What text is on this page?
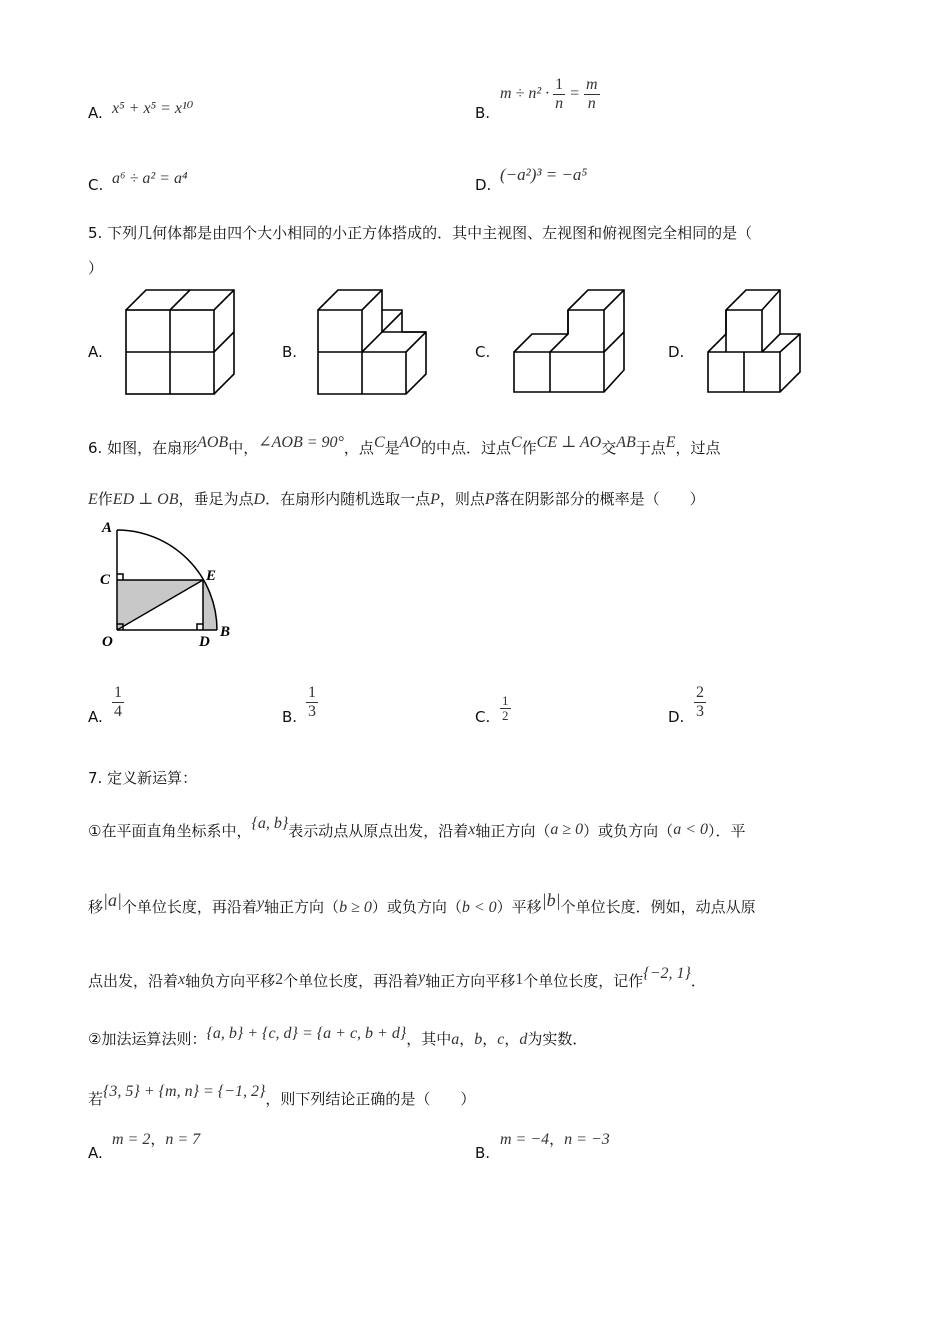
A. x⁵ + x⁵ = x¹⁰	B.
$m \div n^2 \cdot \frac{1}{n} = \frac{m}{n}$
C. a⁶ ÷ a² = a⁴	D.
(−a²)³ = −a⁵
5. 下列几何体都是由四个大小相同的小正方体搭成的．其中主视图、左视图和俯视图完全相同的是（
）
A.	B.	C.	D.
6. 如图，在扇形AOB中，∠AOB = 90°，点C是AO的中点．过点C作CE ⊥ AO交AB于点E，过点
E作ED ⊥ OB，垂足为点D．在扇形内随机选取一点P，则点P落在阴影部分的概率是（　　）
A
C	E
O	D
B
A. $\frac{1}{4}$	B. $\frac{1}{3}$	C. $\frac{1}{2}$	D. $\frac{2}{3}$
7. 定义新运算：
①在平面直角坐标系中，{a, b}表示动点从原点出发，沿着x轴正方向（a ≥ 0）或负方向（a < 0）．平
移|a|个单位长度，再沿着y轴正方向（b ≥ 0）或负方向（b < 0）平移|b|个单位长度．例如，动点从原
点出发，沿着x轴负方向平移2个单位长度，再沿着y轴正方向平移1个单位长度，记作{−2, 1}．
②加法运算法则：{a, b} + {c, d} = {a + c, b + d}，其中a，b，c，d为实数．
若{3, 5} + {m, n} = {−1, 2}，则下列结论正确的是（　　）
A.
m = 2，n = 7
B.
m = −4，n = −3
